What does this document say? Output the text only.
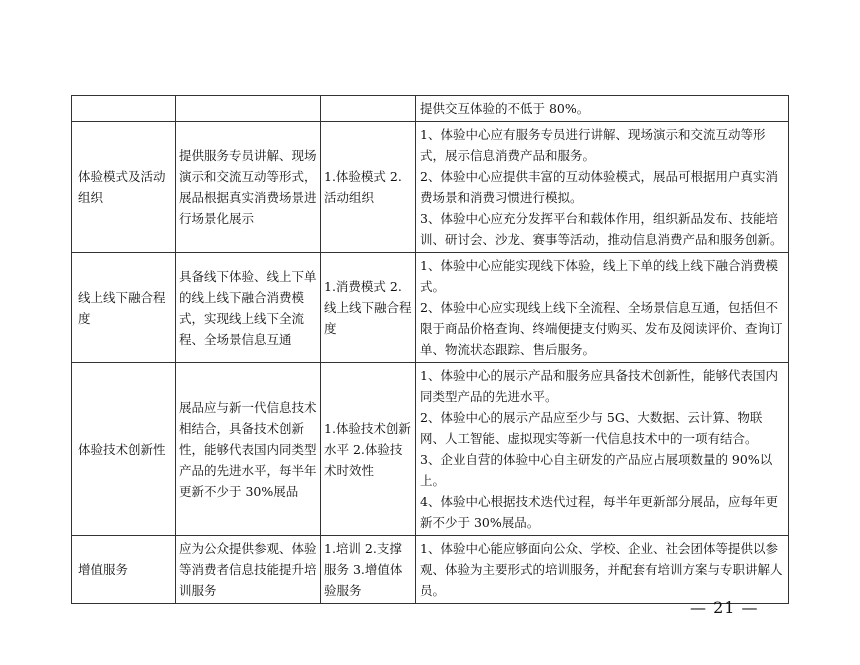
			提供交互体验的不低于 80%。

体验模式及活动组织	提供服务专员讲解、现场演示和交流互动等形式，展品根据真实消费场景进行场景化展示	1.体验模式 2.活动组织	1、体验中心应有服务专员进行讲解、现场演示和交流互动等形式，展示信息消费产品和服务。
2、体验中心应提供丰富的互动体验模式，展品可根据用户真实消费场景和消费习惯进行模拟。
3、体验中心应充分发挥平台和载体作用，组织新品发布、技能培训、研讨会、沙龙、赛事等活动，推动信息消费产品和服务创新。

线上线下融合程度	具备线下体验、线上下单的线上线下融合消费模式，实现线上线下全流程、全场景信息互通	1.消费模式 2.线上线下融合程度	1、体验中心应能实现线下体验，线上下单的线上线下融合消费模式。
2、体验中心应实现线上线下全流程、全场景信息互通，包括但不限于商品价格查询、终端便捷支付购买、发布及阅读评价、查询订单、物流状态跟踪、售后服务。

体验技术创新性	展品应与新一代信息技术相结合，具备技术创新性，能够代表国内同类型产品的先进水平，每半年更新不少于 30%展品	1.体验技术创新水平 2.体验技术时效性	1、体验中心的展示产品和服务应具备技术创新性，能够代表国内同类型产品的先进水平。
2、体验中心的展示产品应至少与 5G、大数据、云计算、物联网、人工智能、虚拟现实等新一代信息技术中的一项有结合。
3、企业自营的体验中心自主研发的产品应占展项数量的 90%以上。
4、体验中心根据技术迭代过程，每半年更新部分展品，应每年更新不少于 30%展品。

增值服务	应为公众提供参观、体验等消费者信息技能提升培训服务	1.培训 2.支撑服务 3.增值体验服务	1、体验中心能应够面向公众、学校、企业、社会团体等提供以参观、体验为主要形式的培训服务，并配套有培训方案与专职讲解人员。
— 21 —
